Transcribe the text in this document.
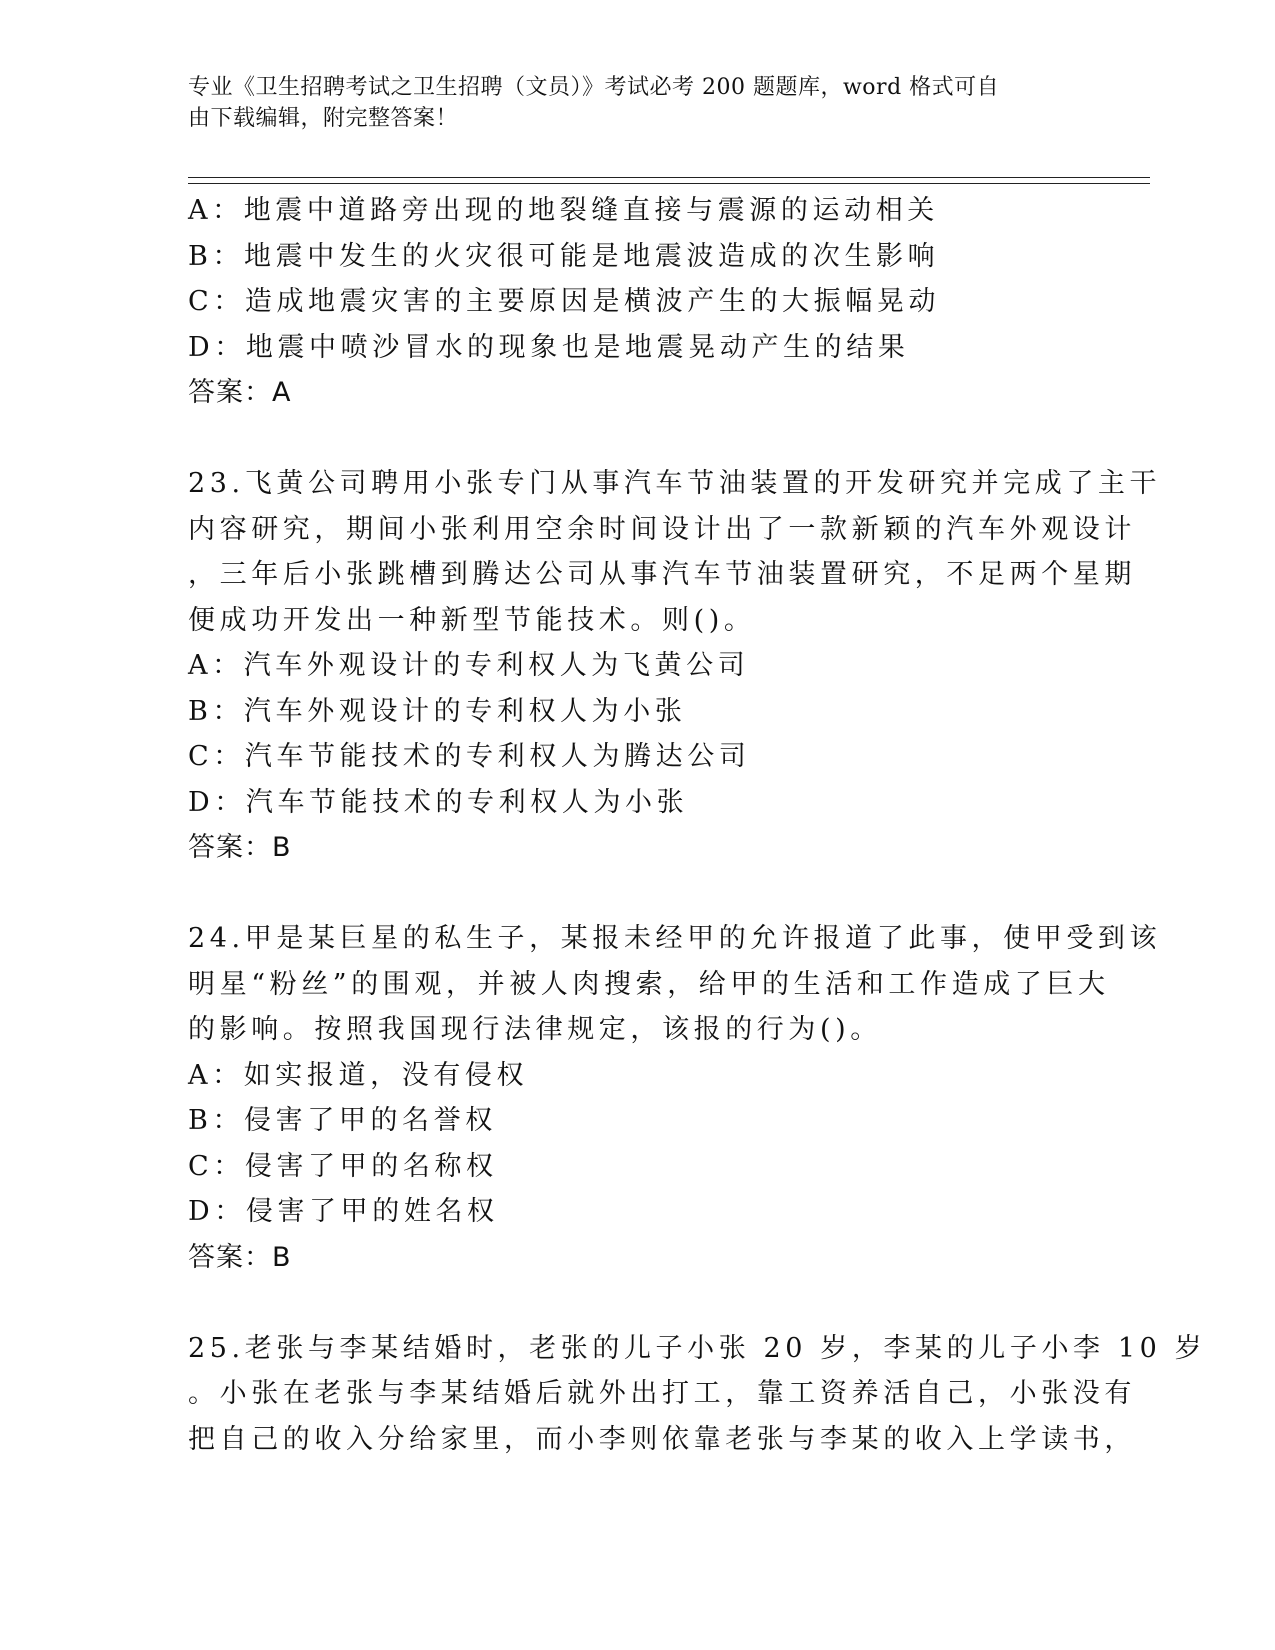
专业《卫生招聘考试之卫生招聘（文员）》考试必考 200 题题库，word 格式可自
由下载编辑，附完整答案！
A：地震中道路旁出现的地裂缝直接与震源的运动相关
B：地震中发生的火灾很可能是地震波造成的次生影响
C：造成地震灾害的主要原因是横波产生的大振幅晃动
D：地震中喷沙冒水的现象也是地震晃动产生的结果
答案：A
23.飞黄公司聘用小张专门从事汽车节油装置的开发研究并完成了主干
内容研究，期间小张利用空余时间设计出了一款新颖的汽车外观设计
，三年后小张跳槽到腾达公司从事汽车节油装置研究，不足两个星期
便成功开发出一种新型节能技术。则()。
A：汽车外观设计的专利权人为飞黄公司
B：汽车外观设计的专利权人为小张
C：汽车节能技术的专利权人为腾达公司
D：汽车节能技术的专利权人为小张
答案：B
24.甲是某巨星的私生子，某报未经甲的允许报道了此事，使甲受到该
明星“粉丝”的围观，并被人肉搜索，给甲的生活和工作造成了巨大
的影响。按照我国现行法律规定，该报的行为()。
A：如实报道，没有侵权
B：侵害了甲的名誉权
C：侵害了甲的名称权
D：侵害了甲的姓名权
答案：B
25.老张与李某结婚时，老张的儿子小张 20 岁，李某的儿子小李 10 岁
。小张在老张与李某结婚后就外出打工，靠工资养活自己，小张没有
把自己的收入分给家里，而小李则依靠老张与李某的收入上学读书，
